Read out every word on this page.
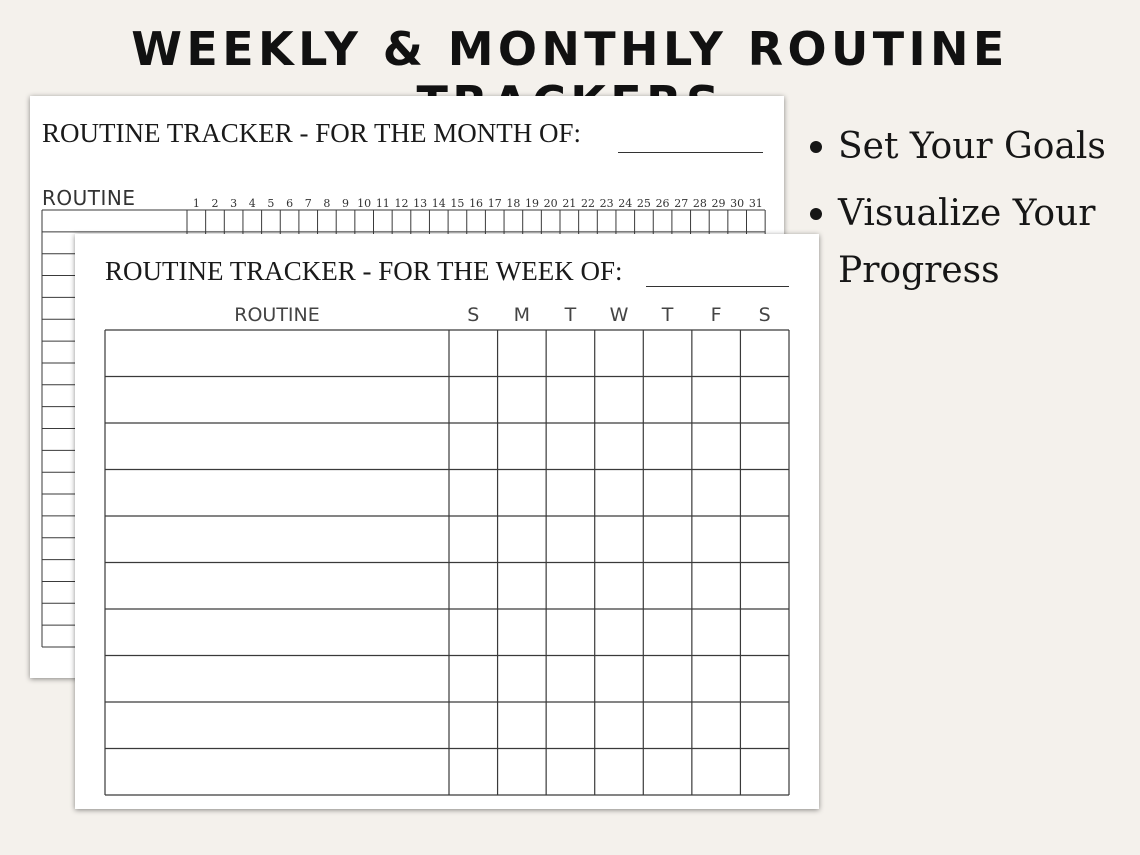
WEEKLY & MONTHLY ROUTINE
ROUTINE TRACKER - FOR THE MONTH OF:
ROUTINE	1	2	3	4	5	6	7	8	9 10 11 12 13 14 15 16 17 18 19 20 21 22 23 24 25 26 27 28 29 30 31
ROUTINE TRACKER - FOR THE WEEK OF:
ROUTINE	S	M	T	W	T	F	S
Set Your Goals
Visualize Your Progress
